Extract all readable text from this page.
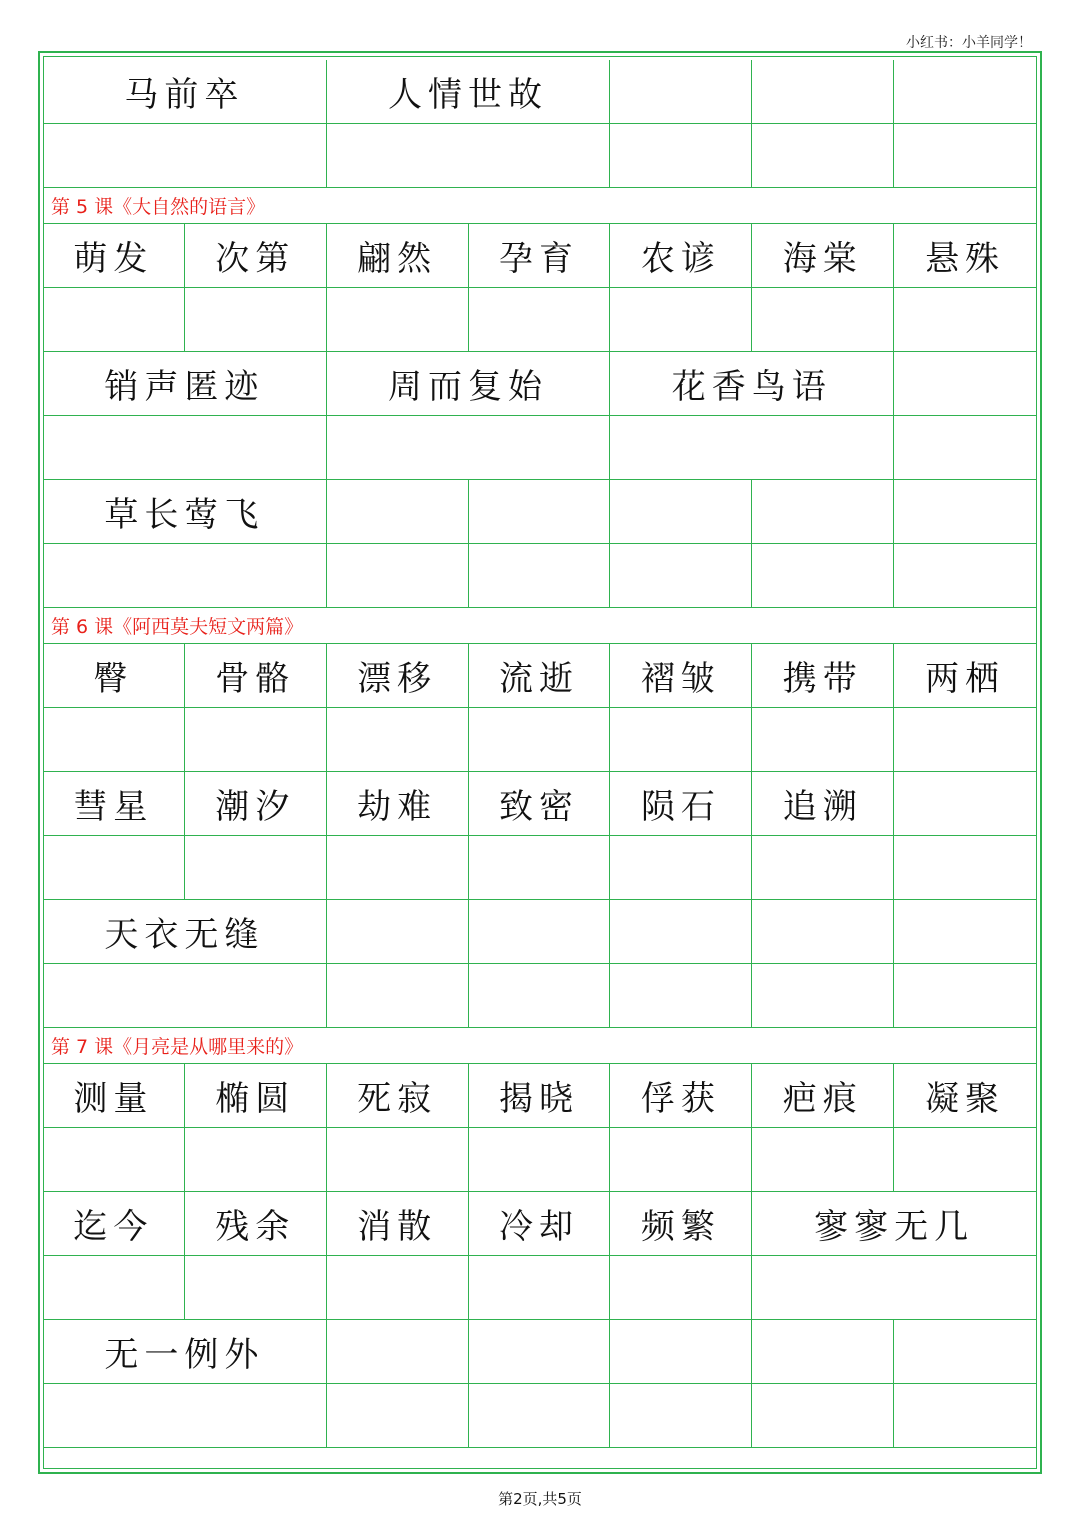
小红书：小羊同学！
马前卒	人情世故
第 5 课《大自然的语言》
萌发	次第	翩然	孕育	农谚	海棠	悬殊
销声匿迹	周而复始	花香鸟语
草长莺飞
第 6 课《阿西莫夫短文两篇》
臀	骨骼	漂移	流逝	褶皱	携带	两栖
彗星	潮汐	劫难	致密	陨石	追溯
天衣无缝
第 7 课《月亮是从哪里来的》
测量	椭圆	死寂	揭晓	俘获	疤痕	凝聚
迄今	残余	消散	冷却	频繁	寥寥无几
无一例外
第2页,共5页
